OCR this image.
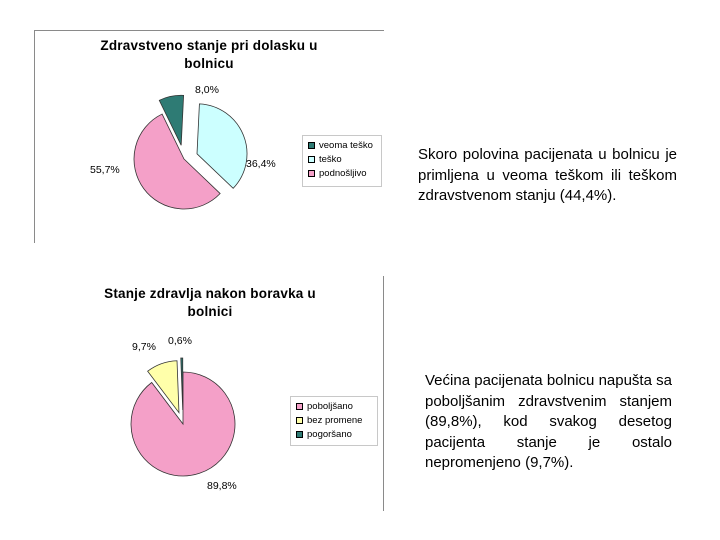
Zdravstveno stanje pri dolasku u
bolnicu
8,0%
36,4%
55,7%
veoma teško
teško
podnošljivo
Stanje zdravlja nakon boravka u
bolnici
89,8%
9,7% 0,6%
poboljšano
bez promene
pogoršano
Skoro polovina pacijenata u bolnicu je primljena u veoma teškom ili teškom zdravstvenom stanju (44,4%).
Većina pacijenata bolnicu napušta sa poboljšanim zdravstvenim stanjem (89,8%), kod svakog desetog pacijenta stanje je ostalo nepromenjeno (9,7%).
